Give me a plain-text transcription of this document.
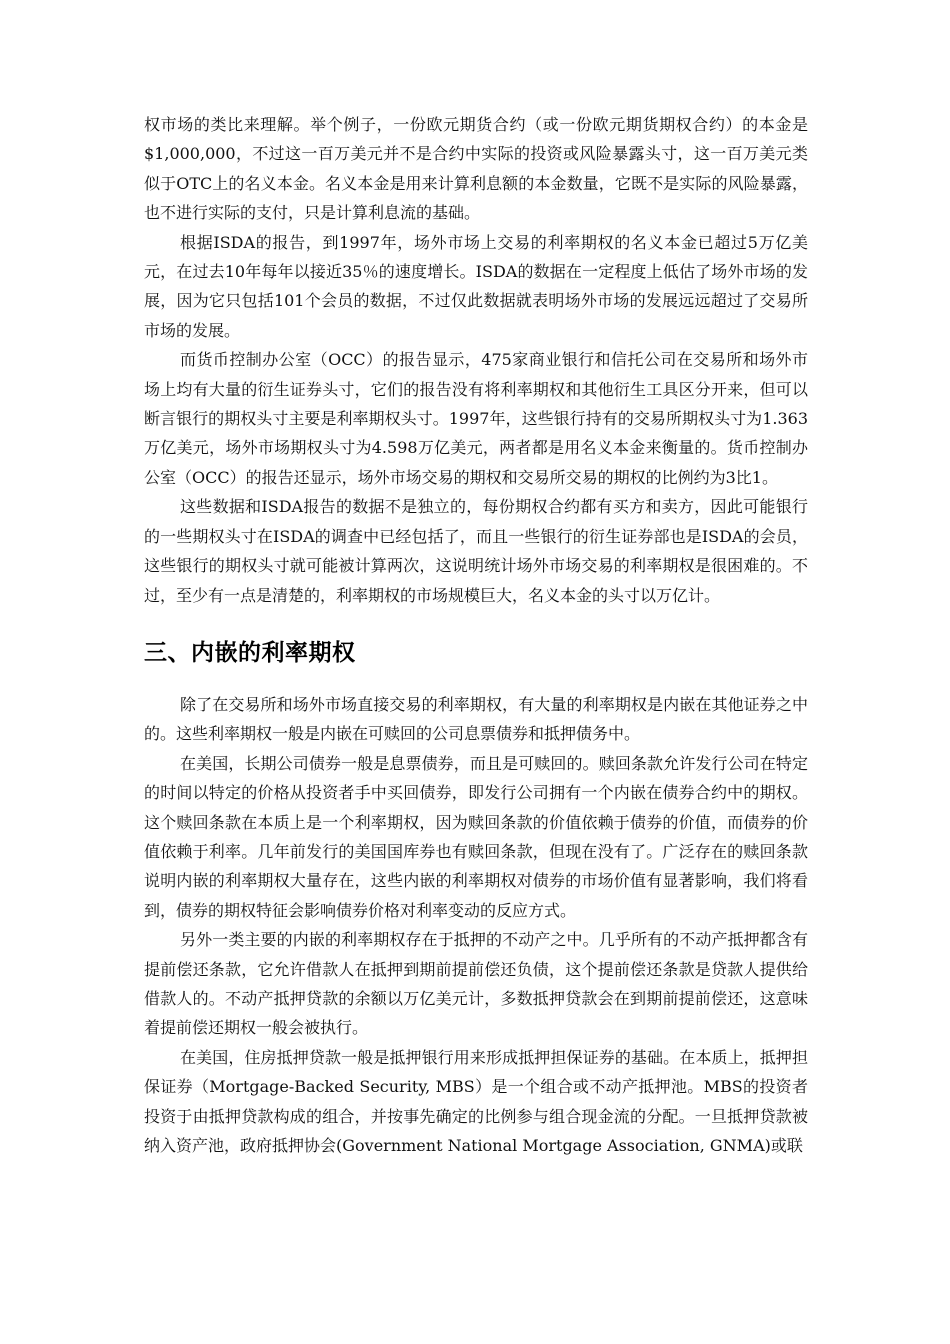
权市场的类比来理解。举个例子，一份欧元期货合约（或一份欧元期货期权合约）的本金是$1,000,000，不过这一百万美元并不是合约中实际的投资或风险暴露头寸，这一百万美元类似于OTC上的名义本金。名义本金是用来计算利息额的本金数量，它既不是实际的风险暴露，也不进行实际的支付，只是计算利息流的基础。

根据ISDA的报告，到1997年，场外市场上交易的利率期权的名义本金已超过5万亿美元，在过去10年每年以接近35％的速度增长。ISDA的数据在一定程度上低估了场外市场的发展，因为它只包括101个会员的数据，不过仅此数据就表明场外市场的发展远远超过了交易所市场的发展。

而货币控制办公室（OCC）的报告显示，475家商业银行和信托公司在交易所和场外市场上均有大量的衍生证券头寸，它们的报告没有将利率期权和其他衍生工具区分开来，但可以断言银行的期权头寸主要是利率期权头寸。1997年，这些银行持有的交易所期权头寸为1.363万亿美元，场外市场期权头寸为4.598万亿美元，两者都是用名义本金来衡量的。货币控制办公室（OCC）的报告还显示，场外市场交易的期权和交易所交易的期权的比例约为3比1。

这些数据和ISDA报告的数据不是独立的，每份期权合约都有买方和卖方，因此可能银行的一些期权头寸在ISDA的调查中已经包括了，而且一些银行的衍生证券部也是ISDA的会员，这些银行的期权头寸就可能被计算两次，这说明统计场外市场交易的利率期权是很困难的。不过，至少有一点是清楚的，利率期权的市场规模巨大，名义本金的头寸以万亿计。

三、内嵌的利率期权

除了在交易所和场外市场直接交易的利率期权，有大量的利率期权是内嵌在其他证券之中的。这些利率期权一般是内嵌在可赎回的公司息票债券和抵押债务中。

在美国，长期公司债券一般是息票债券，而且是可赎回的。赎回条款允许发行公司在特定的时间以特定的价格从投资者手中买回债券，即发行公司拥有一个内嵌在债券合约中的期权。这个赎回条款在本质上是一个利率期权，因为赎回条款的价值依赖于债券的价值，而债券的价值依赖于利率。几年前发行的美国国库券也有赎回条款，但现在没有了。广泛存在的赎回条款说明内嵌的利率期权大量存在，这些内嵌的利率期权对债券的市场价值有显著影响，我们将看到，债券的期权特征会影响债券价格对利率变动的反应方式。

另外一类主要的内嵌的利率期权存在于抵押的不动产之中。几乎所有的不动产抵押都含有提前偿还条款，它允许借款人在抵押到期前提前偿还负债，这个提前偿还条款是贷款人提供给借款人的。不动产抵押贷款的余额以万亿美元计，多数抵押贷款会在到期前提前偿还，这意味着提前偿还期权一般会被执行。

在美国，住房抵押贷款一般是抵押银行用来形成抵押担保证券的基础。在本质上，抵押担保证券（Mortgage-Backed Security, MBS）是一个组合或不动产抵押池。MBS的投资者投资于由抵押贷款构成的组合，并按事先确定的比例参与组合现金流的分配。一旦抵押贷款被纳入资产池，政府抵押协会(Government National Mortgage Association, GNMA)或联
